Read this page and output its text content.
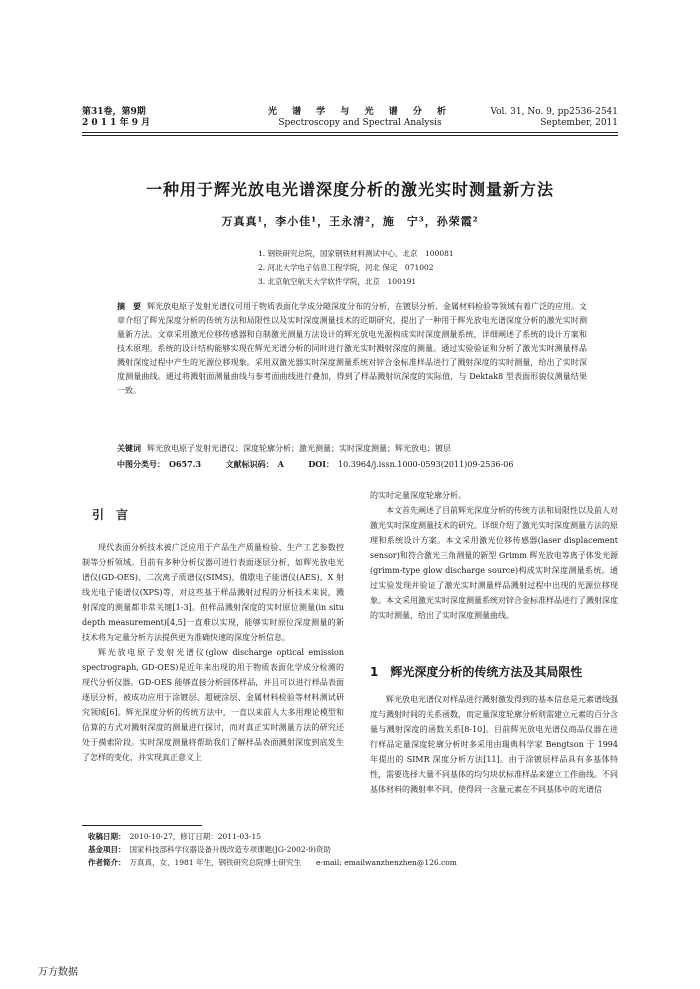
第31卷，第9期
2 0 1 1 年 9 月
光 谱 学 与 光 谱 分 析
Spectroscopy and Spectral Analysis
Vol. 31, No. 9, pp2536-2541
September, 2011
一种用于辉光放电光谱深度分析的激光实时测量新方法
万真真¹，李小佳¹，王永清²，施　宁³，孙荣霞²
1. 钢铁研究总院，国家钢铁材料测试中心，北京　100081
2. 河北大学电子信息工程学院，河北 保定　071002
3. 北京航空航天大学软件学院，北京　100191
摘　要 辉光放电原子发射光谱仪可用于物质表面化学成分随深度分布的分析，在镀层分析、金属材料检验等领域有着广泛的应用。文章介绍了辉光深度分析的传统方法和局限性以及实时深度测量技术的近期研究，提出了一种用于辉光放电光谱深度分析的激光实时测量新方法。文章采用激光位移传感器和自制激光测量方法设计的辉光放电光源构成实时深度测量系统，详细阐述了系统的设计方案和技术原理。系统的设计结构能够实现在辉光光谱分析的同时进行激光实时溅射深度的测量。通过实验验证和分析了激光实时测量样品溅射深度过程中产生的光源位移现象。采用双激光器实时深度测量系统对锌合金标准样品进行了溅射深度的实时测量，给出了实时深度测量曲线。通过将溅射面测量曲线与参考面曲线进行叠加，得到了样品溅射坑深度的实际值，与 Dektak8 型表面形貌仪测量结果一致。
关键词 辉光放电原子发射光谱仪；深度轮廓分析；激光测量；实时深度测量；辉光放电；镀层
中图分类号： O657.3	文献标识码： A	DOI： 10.3964/j.issn.1000-0593(2011)09-2536-06
引言

现代表面分析技术被广泛应用于产品生产质量检验、生产工艺参数控制等分析领域。目前有多种分析仪器可进行表面逐层分析，如辉光放电光谱仪(GD-OES)、二次离子质谱仪(SIMS)、俄歇电子能谱仪(AES)、X 射线光电子能谱仪(XPS)等，对这些基于样品溅射过程的分析技术来说，溅射深度的测量都非常关键[1-3]。但样品溅射深度的实时原位测量(in situ depth measurement)[4,5]一直难以实现，能够实时原位深度测量的新技术将为定量分析方法提供更为准确快速的深度分析信息。

辉光放电原子发射光谱仪(glow discharge optical emission spectrograph, GD-OES)是近年来出现的用于物质表面化学成分检测的现代分析仪器。GD-OES 能够直接分析固体样品，并且可以进行样品表面逐层分析，被成功应用于涂镀层、超硬涂层、金属材料检验等材料测试研究领域[6]。辉光深度分析的传统方法中，一直以来前人大多用理论模型和估算的方式对溅射深度的测量进行探讨，而对真正实时测量方法的研究还处于摸索阶段。实时深度测量将帮助我们了解样品表面溅射深度到底发生了怎样的变化，并实现真正意义上

的实时定量深度轮廓分析。

本文首先阐述了目前辉光深度分析的传统方法和局限性以及前人对激光实时深度测量技术的研究。详细介绍了激光实时深度测量方法的原理和系统设计方案。本文采用激光位移传感器(laser displacement sensor)和符合激光三角测量的新型 Grimm 辉光放电等离子体发光源(grimm-type glow discharge source)构成实时深度测量系统。通过实验发现并验证了激光实时测量样品溅射过程中出现的光源位移现象。本文采用激光实时深度测量系统对锌合金标准样品进行了溅射深度的实时测量，给出了实时深度测量曲线。

1　辉光深度分析的传统方法及其局限性

辉光放电光谱仪对样品进行溅射激发得到的基本信息是元素谱线强度与溅射时间的关系函数，而定量深度轮廓分析则需建立元素的百分含量与溅射深度的函数关系[8-10]。目前辉光放电光谱仪商品仪器在进行样品定量深度轮廓分析时多采用由瑞典科学家 Bengtson 于 1994 年提出的 SIMR 深度分析方法[11]。由于涂镀层样品具有多基体特性，需要选择大量不同基体的均匀块状标准样品来建立工作曲线。不同基体材料的溅射率不同，使得同一含量元素在不同基体中的光谱信

收稿日期： 2010-10-27，修订日期：2011-03-15
基金项目： 国家科技部科学仪器设备升级改造专项课题(JG-2002-9)资助
作者简介： 万真真，女，1981 年生，钢铁研究总院博士研究生　　e-mail: emailwanzhenzhen@126.com
万方数据
